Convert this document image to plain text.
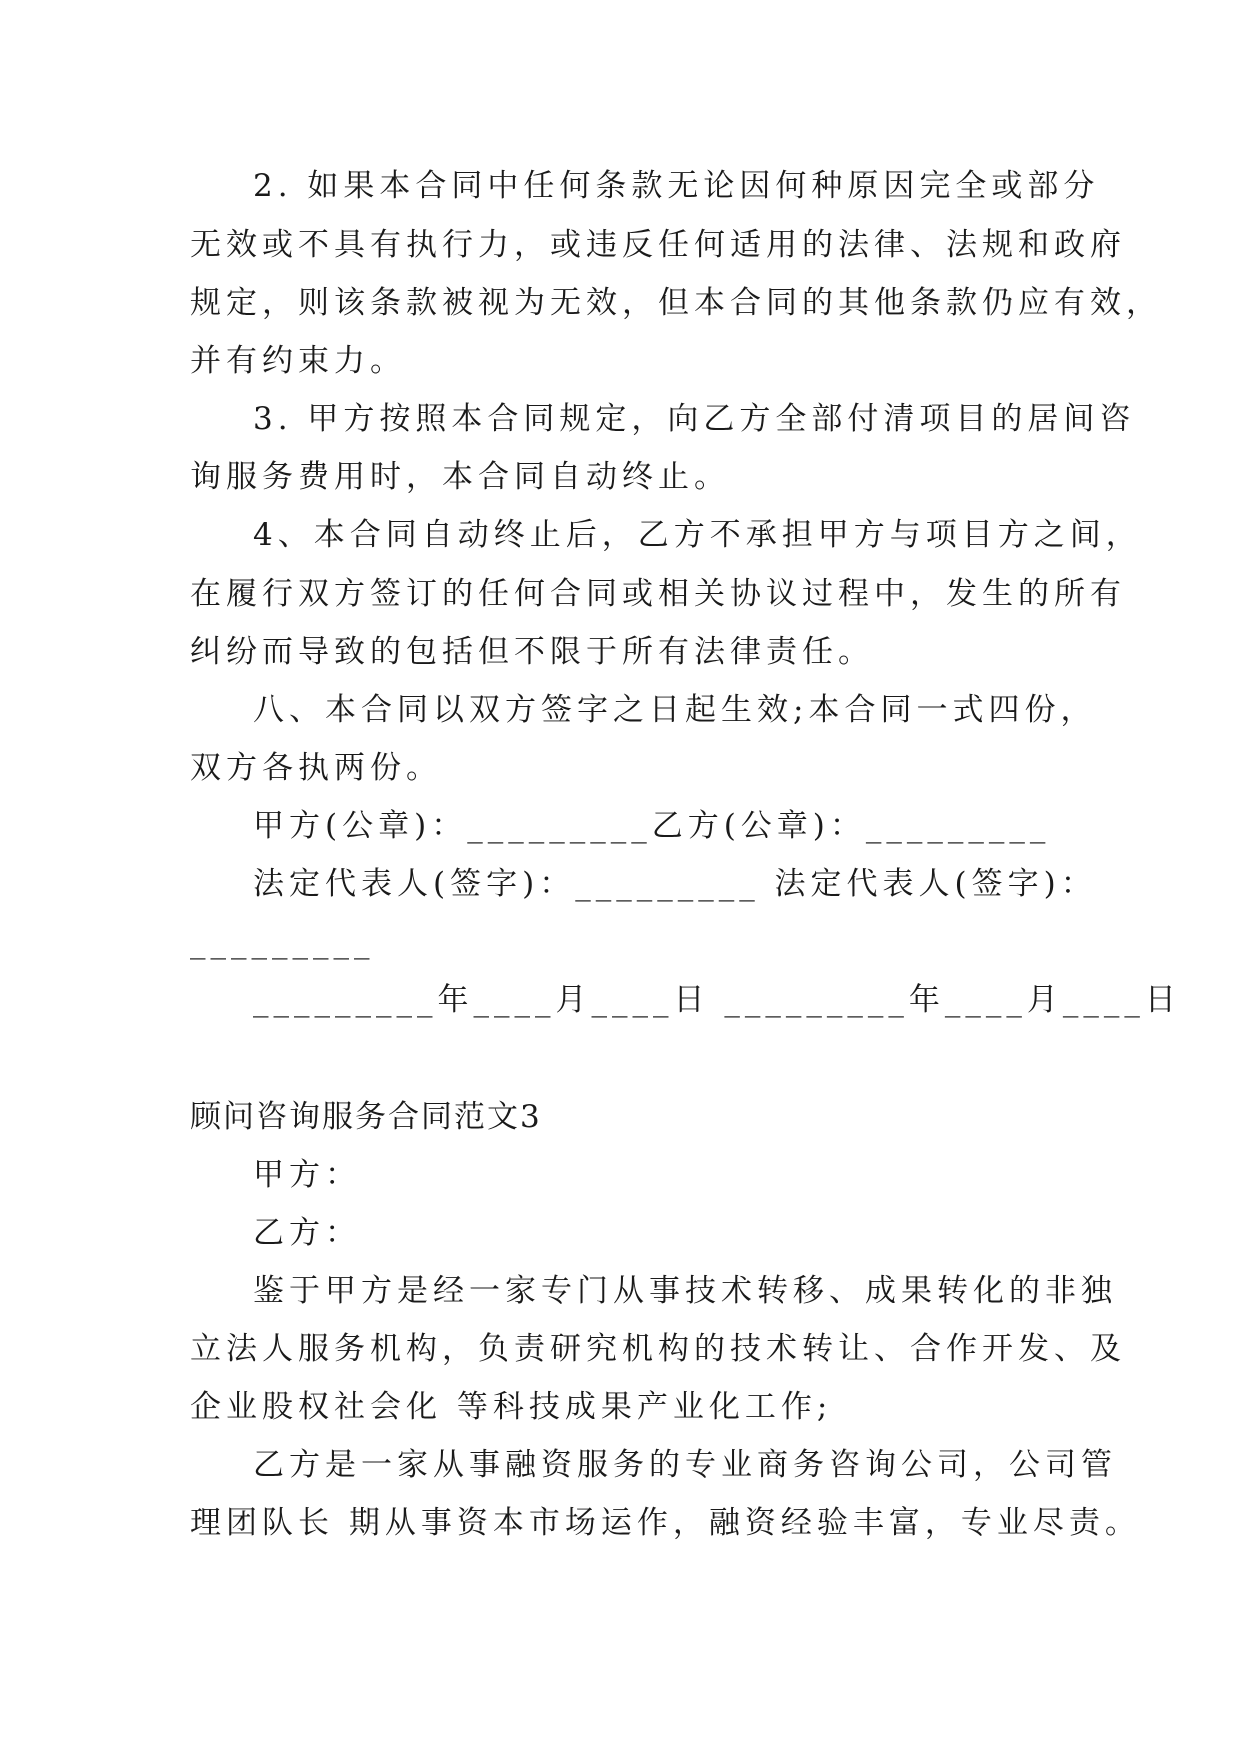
2. 如果本合同中任何条款无论因何种原因完全或部分
无效或不具有执行力，或违反任何适用的法律、法规和政府
规定，则该条款被视为无效，但本合同的其他条款仍应有效，
并有约束力。
3. 甲方按照本合同规定，向乙方全部付清项目的居间咨
询服务费用时，本合同自动终止。
4、本合同自动终止后，乙方不承担甲方与项目方之间，
在履行双方签订的任何合同或相关协议过程中，发生的所有
纠纷而导致的包括但不限于所有法律责任。
八、本合同以双方签字之日起生效;本合同一式四份，
双方各执两份。
甲方(公章)：_________乙方(公章)：_________
法定代表人(签字)：_________ 法定代表人(签字)：
_________
_________年____月____日 _________年____月____日
顾问咨询服务合同范文3
甲方：
乙方：
鉴于甲方是经一家专门从事技术转移、成果转化的非独
立法人服务机构，负责研究机构的技术转让、合作开发、及
企业股权社会化 等科技成果产业化工作;
乙方是一家从事融资服务的专业商务咨询公司，公司管
理团队长 期从事资本市场运作，融资经验丰富，专业尽责。
